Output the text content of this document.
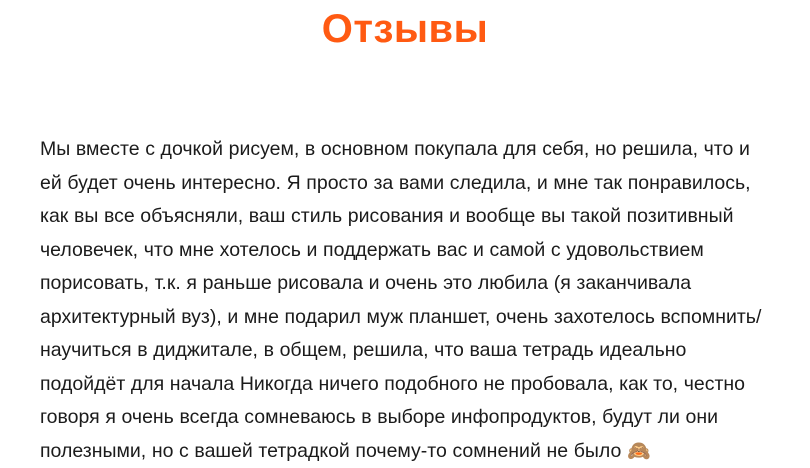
Отзывы

Мы вместе с дочкой рисуем, в основном покупала для себя, но решила, что и ей будет очень интересно. Я просто за вами следила, и мне так понравилось, как вы все объясняли, ваш стиль рисования и вообще вы такой позитивный человечек, что мне хотелось и поддержать вас и самой с удовольствием порисовать, т.к. я раньше рисовала и очень это любила (я заканчивала архитектурный вуз), и мне подарил муж планшет, очень захотелось вспомнить/научиться в диджитале, в общем, решила, что ваша тетрадь идеально подойдёт для начала Никогда ничего подобного не пробовала, как то, честно говоря я очень всегда сомневаюсь в выборе инфопродуктов, будут ли они полезными, но с вашей тетрадкой почему-то сомнений не было 🙈
